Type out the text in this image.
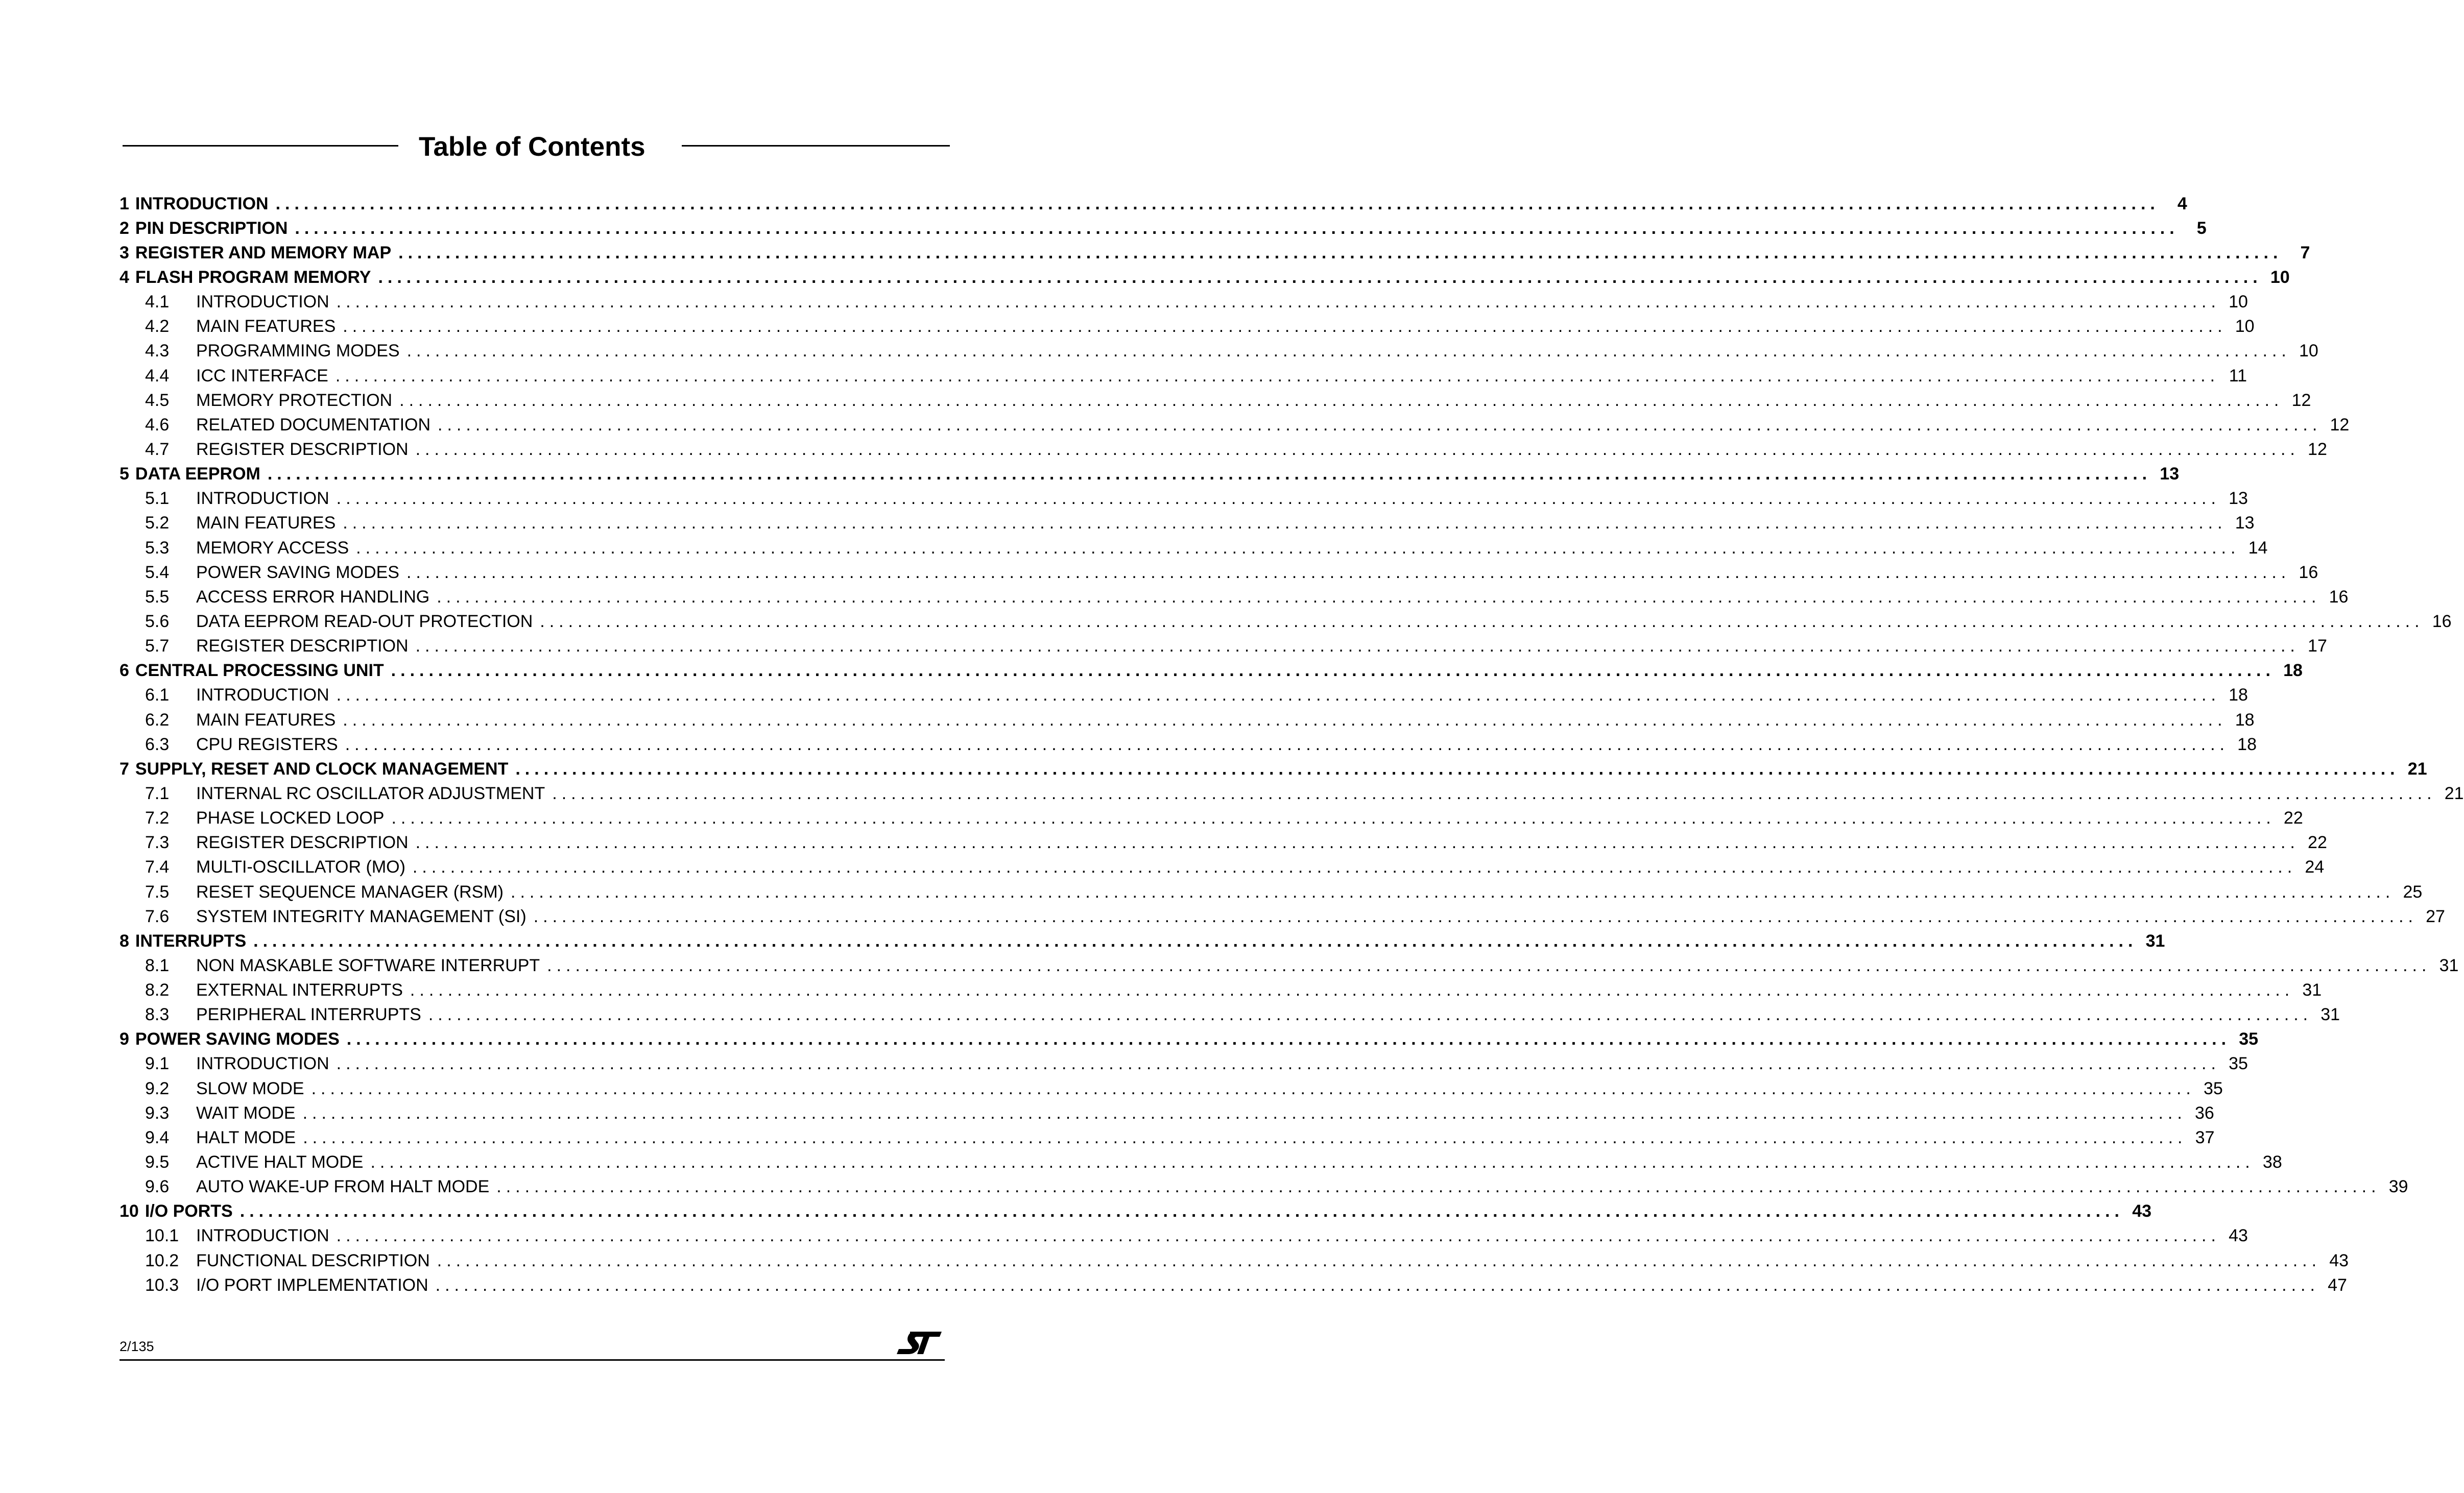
Table of Contents
1 INTRODUCTION ........................................................................................................................................................................................................	4
2 PIN DESCRIPTION ........................................................................................................................................................................................................	5
3 REGISTER AND MEMORY MAP ........................................................................................................................................................................................................	7
4 FLASH PROGRAM MEMORY ........................................................................................................................................................................................................ 10
4.1	INTRODUCTION ........................................................................................................................................................................................................ 10
4.2	MAIN FEATURES ........................................................................................................................................................................................................ 10
4.3	PROGRAMMING MODES ........................................................................................................................................................................................................ 10
4.4	ICC INTERFACE ........................................................................................................................................................................................................ 11
4.5	MEMORY PROTECTION ........................................................................................................................................................................................................ 12
4.6	RELATED DOCUMENTATION ........................................................................................................................................................................................................ 12
4.7	REGISTER DESCRIPTION ........................................................................................................................................................................................................ 12
5 DATA EEPROM ........................................................................................................................................................................................................ 13
5.1	INTRODUCTION ........................................................................................................................................................................................................ 13
5.2	MAIN FEATURES ........................................................................................................................................................................................................ 13
5.3	MEMORY ACCESS ........................................................................................................................................................................................................ 14
5.4	POWER SAVING MODES ........................................................................................................................................................................................................ 16
5.5	ACCESS ERROR HANDLING ........................................................................................................................................................................................................ 16
5.6	DATA EEPROM READ-OUT PROTECTION ........................................................................................................................................................................................................ 16
5.7	REGISTER DESCRIPTION ........................................................................................................................................................................................................ 17
6 CENTRAL PROCESSING UNIT ........................................................................................................................................................................................................ 18
6.1	INTRODUCTION ........................................................................................................................................................................................................ 18
6.2	MAIN FEATURES ........................................................................................................................................................................................................ 18
6.3	CPU REGISTERS ........................................................................................................................................................................................................ 18
7 SUPPLY, RESET AND CLOCK MANAGEMENT ........................................................................................................................................................................................................ 21
7.1	INTERNAL RC OSCILLATOR ADJUSTMENT ........................................................................................................................................................................................................ 21
7.2	PHASE LOCKED LOOP ........................................................................................................................................................................................................ 22
7.3	REGISTER DESCRIPTION ........................................................................................................................................................................................................ 22
7.4	MULTI-OSCILLATOR (MO) ........................................................................................................................................................................................................ 24
7.5	RESET SEQUENCE MANAGER (RSM) ........................................................................................................................................................................................................ 25
7.6	SYSTEM INTEGRITY MANAGEMENT (SI) ........................................................................................................................................................................................................ 27
8 INTERRUPTS ........................................................................................................................................................................................................ 31
8.1	NON MASKABLE SOFTWARE INTERRUPT ........................................................................................................................................................................................................ 31
8.2	EXTERNAL INTERRUPTS ........................................................................................................................................................................................................ 31
8.3	PERIPHERAL INTERRUPTS ........................................................................................................................................................................................................ 31
9 POWER SAVING MODES ........................................................................................................................................................................................................ 35
9.1	INTRODUCTION ........................................................................................................................................................................................................ 35
9.2	SLOW MODE ........................................................................................................................................................................................................ 35
9.3	WAIT MODE ........................................................................................................................................................................................................ 36
9.4	HALT MODE ........................................................................................................................................................................................................ 37
9.5	ACTIVE HALT MODE ........................................................................................................................................................................................................ 38
9.6	AUTO WAKE-UP FROM HALT MODE ........................................................................................................................................................................................................ 39
10 I/O PORTS ........................................................................................................................................................................................................ 43
10.1 INTRODUCTION ........................................................................................................................................................................................................ 43
10.2 FUNCTIONAL DESCRIPTION ........................................................................................................................................................................................................ 43
10.3 I/O PORT IMPLEMENTATION ........................................................................................................................................................................................................ 47
2/135
